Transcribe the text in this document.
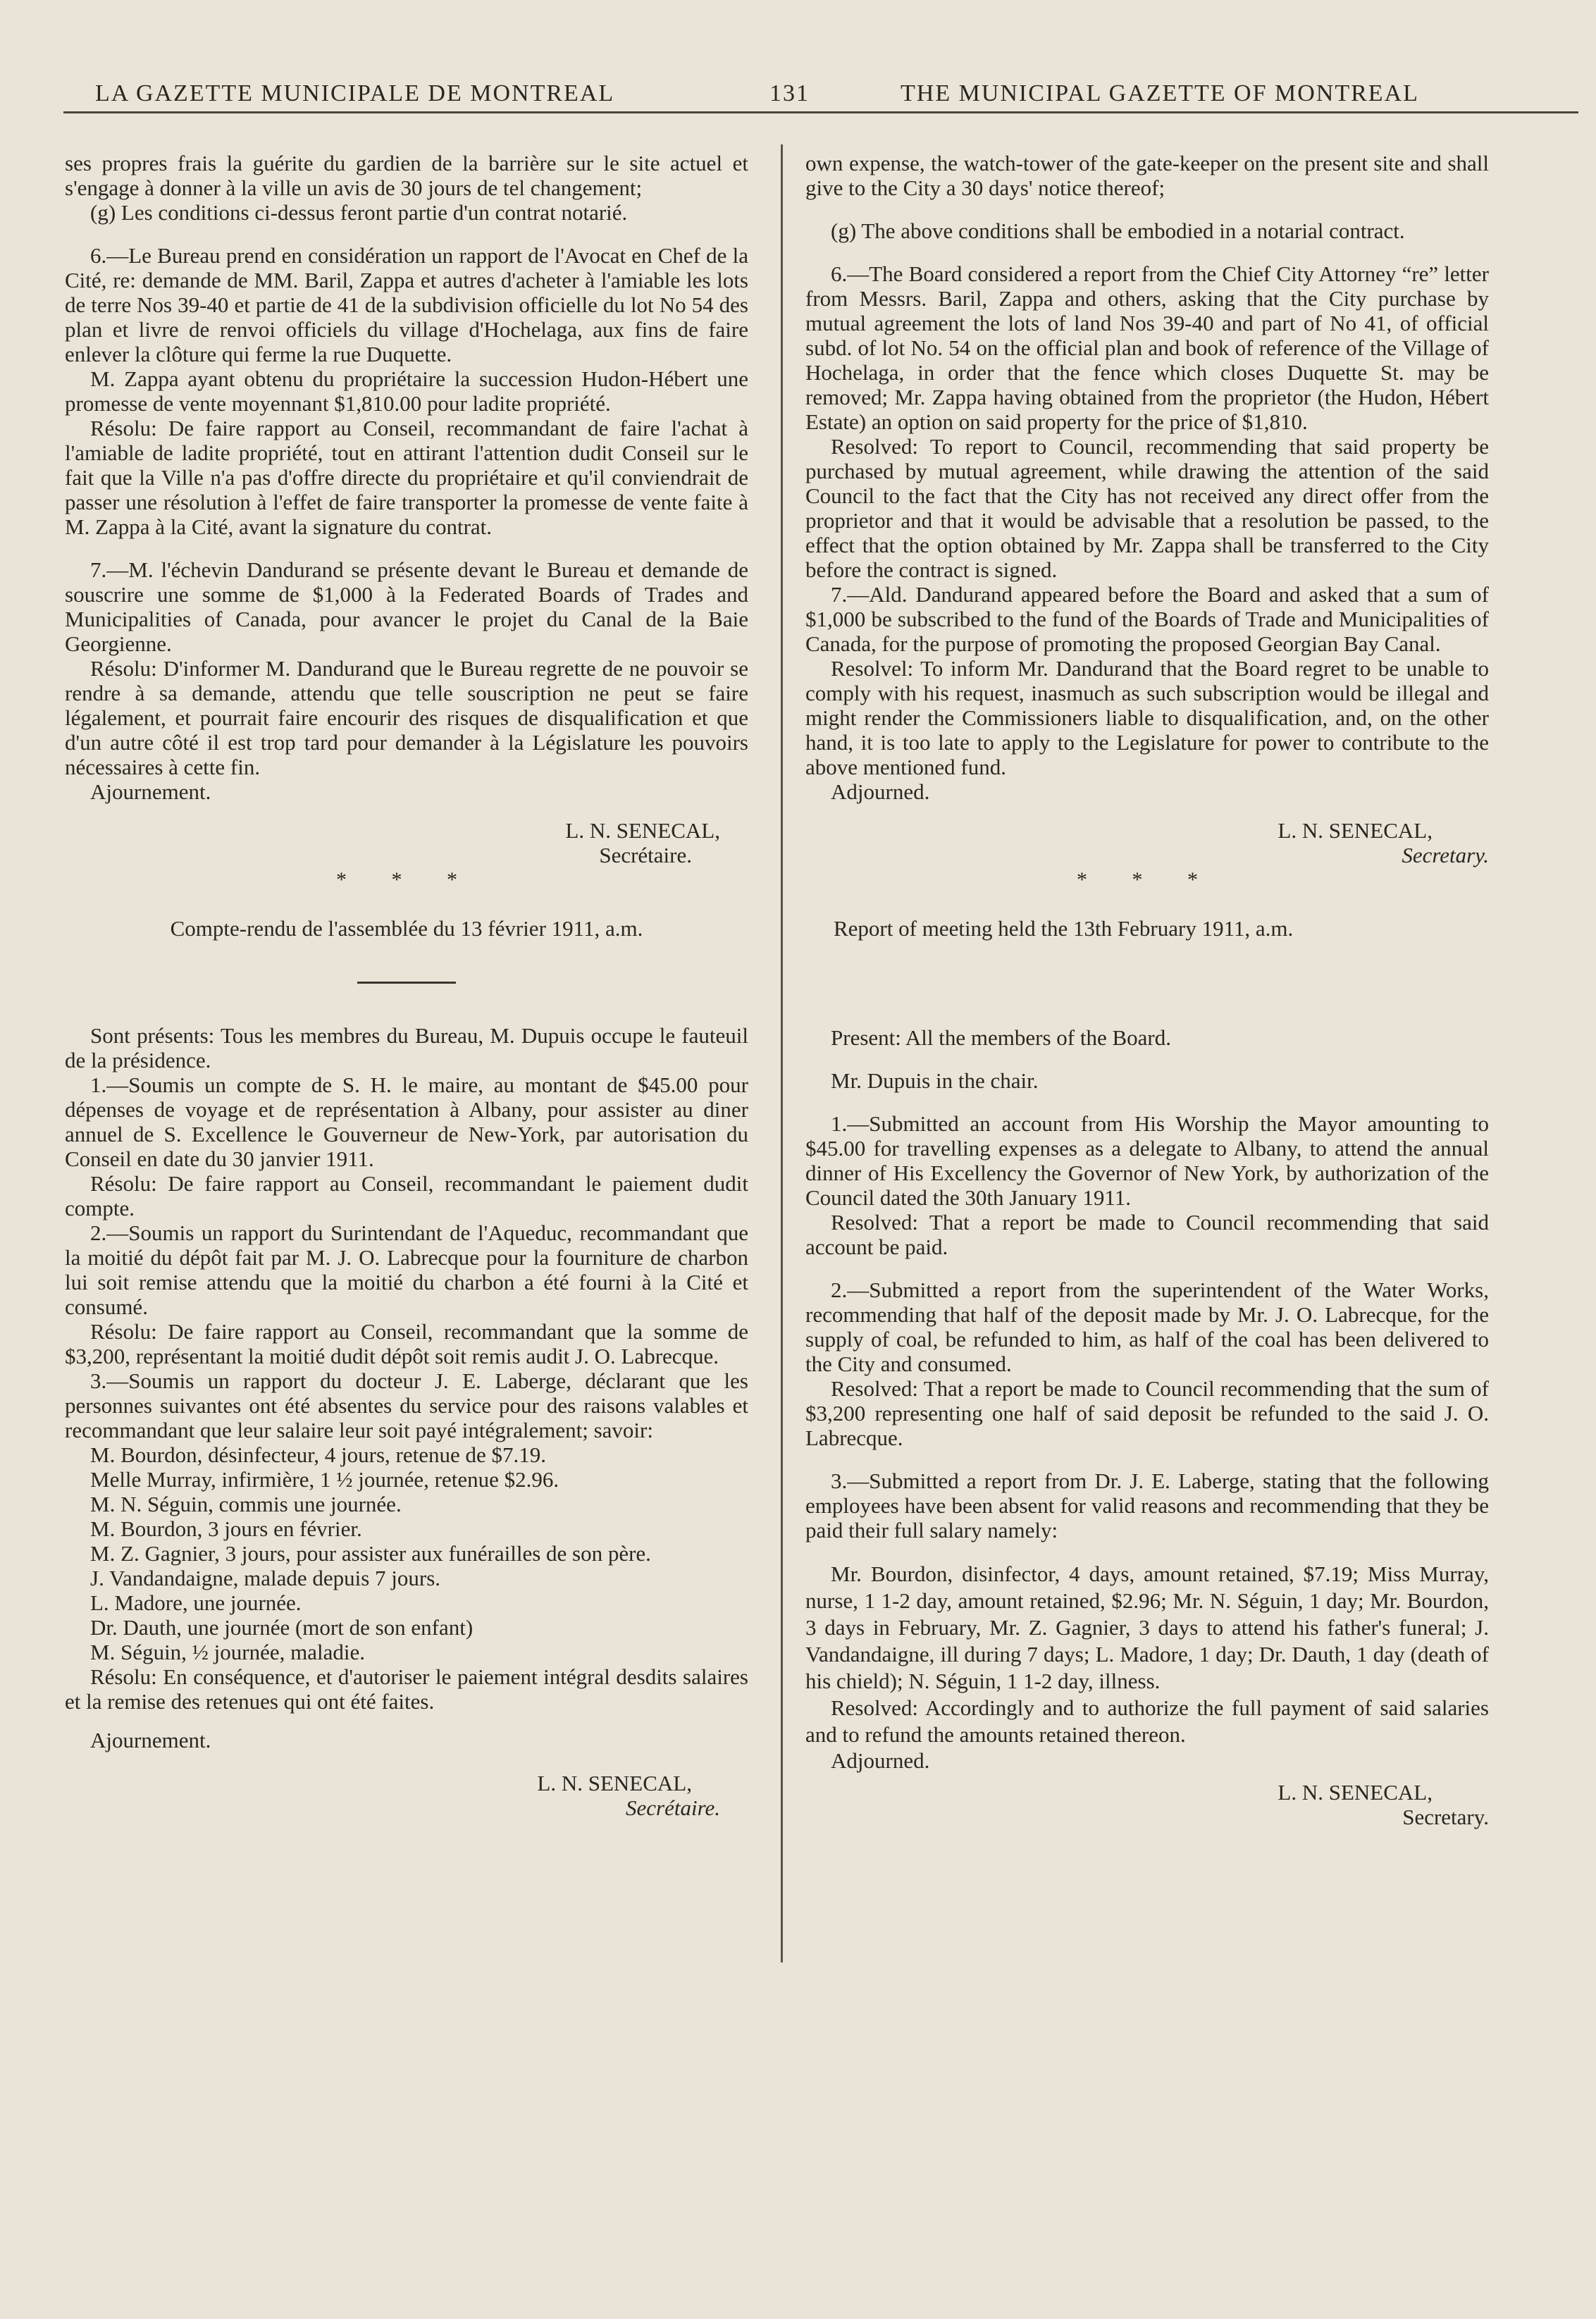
LA GAZETTE MUNICIPALE DE MONTREAL	131	THE MUNICIPAL GAZETTE OF MONTREAL

ses propres frais la guérite du gardien de la barrière sur le site actuel et s'engage à donner à la ville un avis de 30 jours de tel changement;

(g) Les conditions ci-dessus feront partie d'un contrat notarié.

6.—Le Bureau prend en considération un rapport de l'Avocat en Chef de la Cité, re: demande de MM. Baril, Zappa et autres d'acheter à l'amiable les lots de terre Nos 39-40 et partie de 41 de la subdivision officielle du lot No 54 des plan et livre de renvoi officiels du village d'Hochelaga, aux fins de faire enlever la clôture qui ferme la rue Duquette.

M. Zappa ayant obtenu du propriétaire la succession Hudon-Hébert une promesse de vente moyennant $1,810.00 pour ladite propriété.

Résolu: De faire rapport au Conseil, recommandant de faire l'achat à l'amiable de ladite propriété, tout en attirant l'attention dudit Conseil sur le fait que la Ville n'a pas d'offre directe du propriétaire et qu'il conviendrait de passer une résolution à l'effet de faire transporter la promesse de vente faite à M. Zappa à la Cité, avant la signature du contrat.

7.—M. l'échevin Dandurand se présente devant le Bureau et demande de souscrire une somme de $1,000 à la Federated Boards of Trades and Municipalities of Canada, pour avancer le projet du Canal de la Baie Georgienne.

Résolu: D'informer M. Dandurand que le Bureau regrette de ne pouvoir se rendre à sa demande, attendu que telle souscription ne peut se faire légalement, et pourrait faire encourir des risques de disqualification et que d'un autre côté il est trop tard pour demander à la Législature les pouvoirs nécessaires à cette fin.

Ajournement.

L. N. SENECAL,

Secrétaire.

* * *

Compte-rendu de l'assemblée du 13 février 1911, a.m.

Sont présents: Tous les membres du Bureau, M. Dupuis occupe le fauteuil de la présidence.

1.—Soumis un compte de S. H. le maire, au montant de $45.00 pour dépenses de voyage et de représentation à Albany, pour assister au diner annuel de S. Excellence le Gouverneur de New-York, par autorisation du Conseil en date du 30 janvier 1911.

Résolu: De faire rapport au Conseil, recommandant le paiement dudit compte.

2.—Soumis un rapport du Surintendant de l'Aqueduc, recommandant que la moitié du dépôt fait par M. J. O. Labrecque pour la fourniture de charbon lui soit remise attendu que la moitié du charbon a été fourni à la Cité et consumé.

Résolu: De faire rapport au Conseil, recommandant que la somme de $3,200, représentant la moitié dudit dépôt soit remis audit J. O. Labrecque.

3.—Soumis un rapport du docteur J. E. Laberge, déclarant que les personnes suivantes ont été absentes du service pour des raisons valables et recommandant que leur salaire leur soit payé intégralement; savoir:

M. Bourdon, désinfecteur, 4 jours, retenue de $7.19.

Melle Murray, infirmière, 1 ½ journée, retenue $2.96.

M. N. Séguin, commis une journée.

M. Bourdon, 3 jours en février.

M. Z. Gagnier, 3 jours, pour assister aux funérailles de son père.

J. Vandandaigne, malade depuis 7 jours.

L. Madore, une journée.

Dr. Dauth, une journée (mort de son enfant)

M. Séguin, ½ journée, maladie.

Résolu: En conséquence, et d'autoriser le paiement intégral desdits salaires et la remise des retenues qui ont été faites.

Ajournement.

L. N. SENECAL,

Secrétaire.

own expense, the watch-tower of the gate-keeper on the present site and shall give to the City a 30 days' notice thereof;

(g) The above conditions shall be embodied in a notarial contract.

6.—The Board considered a report from the Chief City Attorney “re” letter from Messrs. Baril, Zappa and others, asking that the City purchase by mutual agreement the lots of land Nos 39-40 and part of No 41, of official subd. of lot No. 54 on the official plan and book of reference of the Village of Hochelaga, in order that the fence which closes Duquette St. may be removed; Mr. Zappa having obtained from the proprietor (the Hudon, Hébert Estate) an option on said property for the price of $1,810.

Resolved: To report to Council, recommending that said property be purchased by mutual agreement, while drawing the attention of the said Council to the fact that the City has not received any direct offer from the proprietor and that it would be advisable that a resolution be passed, to the effect that the option obtained by Mr. Zappa shall be transferred to the City before the contract is signed.

7.—Ald. Dandurand appeared before the Board and asked that a sum of $1,000 be subscribed to the fund of the Boards of Trade and Municipalities of Canada, for the purpose of promoting the proposed Georgian Bay Canal.

Resolvel: To inform Mr. Dandurand that the Board regret to be unable to comply with his request, inasmuch as such subscription would be illegal and might render the Commissioners liable to disqualification, and, on the other hand, it is too late to apply to the Legislature for power to contribute to the above mentioned fund.

Adjourned.

L. N. SENECAL,

Secretary.

* * *

Report of meeting held the 13th February 1911, a.m.

Present: All the members of the Board.

Mr. Dupuis in the chair.

1.—Submitted an account from His Worship the Mayor amounting to $45.00 for travelling expenses as a delegate to Albany, to attend the annual dinner of His Excellency the Governor of New York, by authorization of the Council dated the 30th January 1911.

Resolved: That a report be made to Council recommending that said account be paid.

2.—Submitted a report from the superintendent of the Water Works, recommending that half of the deposit made by Mr. J. O. Labrecque, for the supply of coal, be refunded to him, as half of the coal has been delivered to the City and consumed.

Resolved: That a report be made to Council recommending that the sum of $3,200 representing one half of said deposit be refunded to the said J. O. Labrecque.

3.—Submitted a report from Dr. J. E. Laberge, stating that the following employees have been absent for valid reasons and recommending that they be paid their full salary namely:

Mr. Bourdon, disinfector, 4 days, amount retained, $7.19; Miss Murray, nurse, 1 1-2 day, amount retained, $2.96; Mr. N. Séguin, 1 day; Mr. Bourdon, 3 days in February, Mr. Z. Gagnier, 3 days to attend his father's funeral; J. Vandandaigne, ill during 7 days; L. Madore, 1 day; Dr. Dauth, 1 day (death of his chield); N. Séguin, 1 1-2 day, illness.

Resolved: Accordingly and to authorize the full payment of said salaries and to refund the amounts retained thereon.

Adjourned.

L. N. SENECAL,

Secretary.
